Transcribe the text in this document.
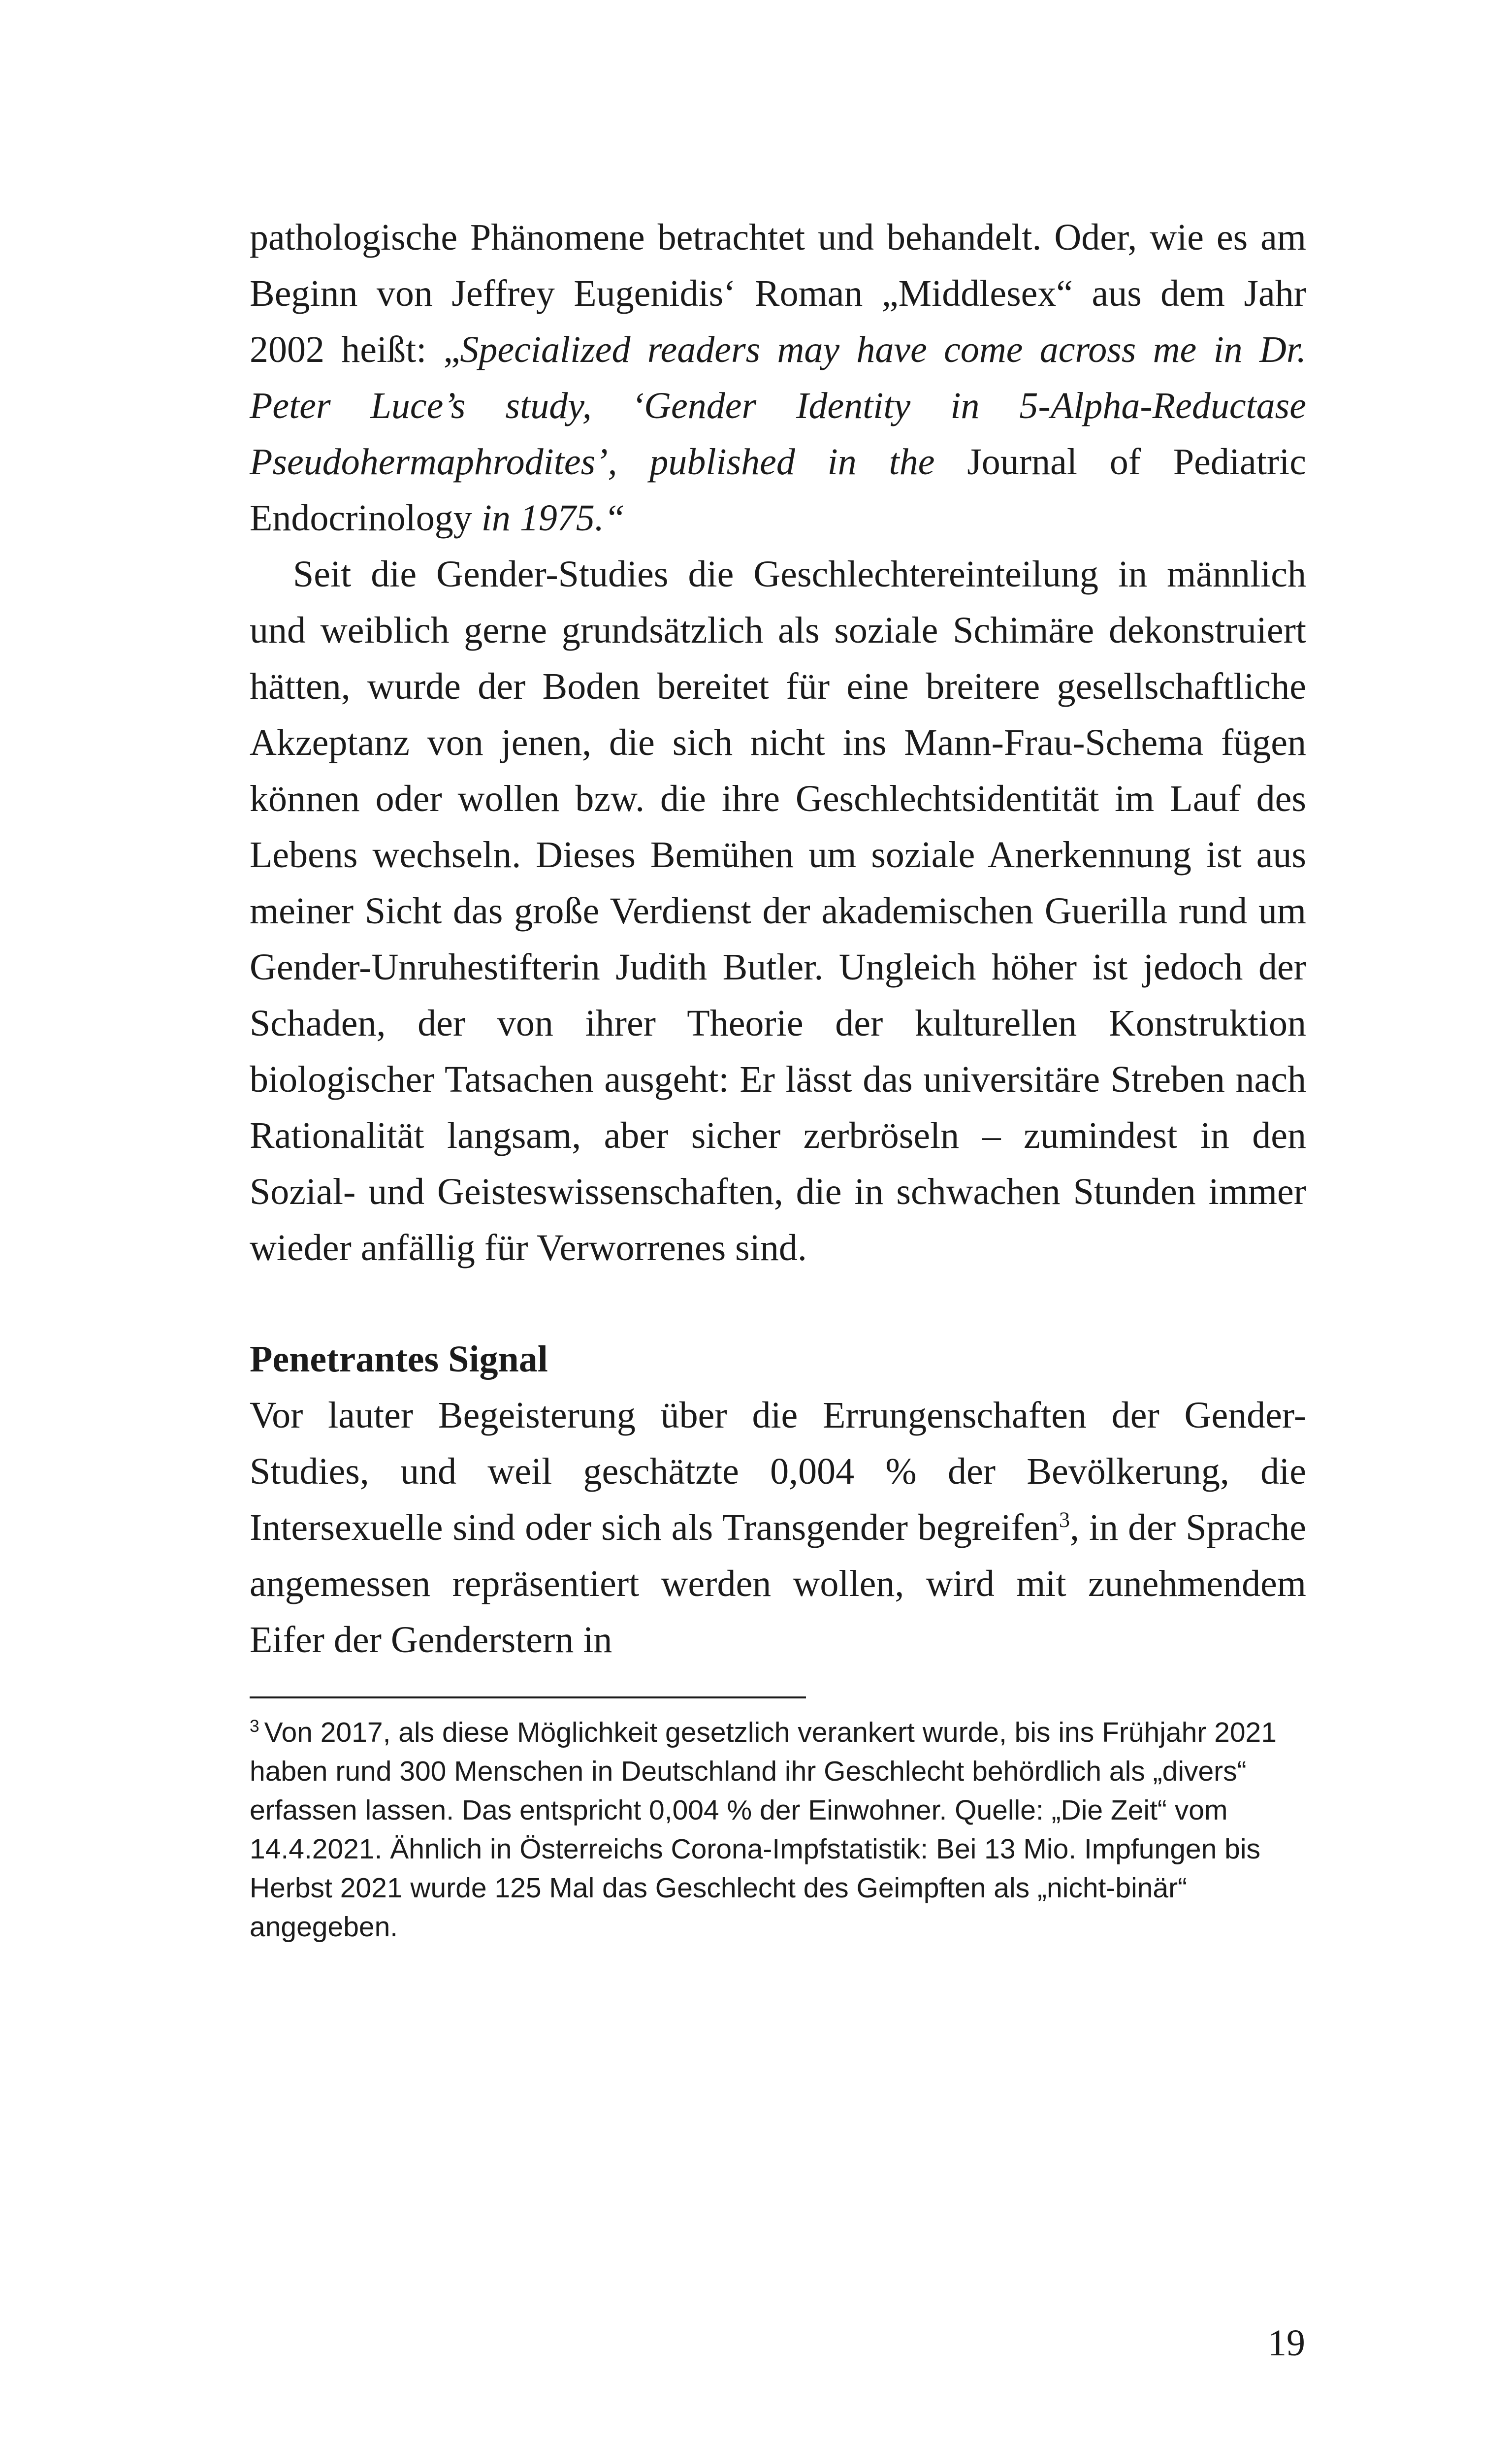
pathologische Phänomene betrachtet und behandelt. Oder, wie es am Beginn von Jeffrey Eugenidis‘ Roman „Middlesex“ aus dem Jahr 2002 heißt: „Specialized readers may have come across me in Dr. Peter Luce’s study, ‘Gender Identity in 5-Alpha-Reductase Pseudohermaphrodites’, published in the Journal of Pediatric Endocrinology in 1975.“

Seit die Gender-Studies die Geschlechtereinteilung in männlich und weiblich gerne grundsätzlich als soziale Schimäre dekonstruiert hätten, wurde der Boden bereitet für eine breitere gesellschaftliche Akzeptanz von jenen, die sich nicht ins Mann-Frau-Schema fügen können oder wollen bzw. die ihre Geschlechtsidentität im Lauf des Lebens wechseln. Dieses Bemühen um soziale Anerkennung ist aus meiner Sicht das große Verdienst der akademischen Guerilla rund um Gender-Unruhestifterin Judith Butler. Ungleich höher ist jedoch der Schaden, der von ihrer Theorie der kulturellen Konstruktion biologischer Tatsachen ausgeht: Er lässt das universitäre Streben nach Rationalität langsam, aber sicher zerbröseln – zumindest in den Sozial- und Geisteswissenschaften, die in schwachen Stunden immer wieder anfällig für Verworrenes sind.

Penetrantes Signal

Vor lauter Begeisterung über die Errungenschaften der Gender-Studies, und weil geschätzte 0,004 % der Bevölkerung, die Intersexuelle sind oder sich als Transgender begreifen$^3$, in der Sprache angemessen repräsentiert werden wollen, wird mit zunehmendem Eifer der Genderstern in

$^3$ Von 2017, als diese Möglichkeit gesetzlich verankert wurde, bis ins Frühjahr 2021 haben rund 300 Menschen in Deutschland ihr Geschlecht behördlich als „divers“ erfassen lassen. Das entspricht 0,004 % der Einwohner. Quelle: „Die Zeit“ vom 14.4.2021. Ähnlich in Österreichs Corona-Impfstatistik: Bei 13 Mio. Impfungen bis Herbst 2021 wurde 125 Mal das Geschlecht des Geimpften als „nicht-binär“ angegeben.

19
